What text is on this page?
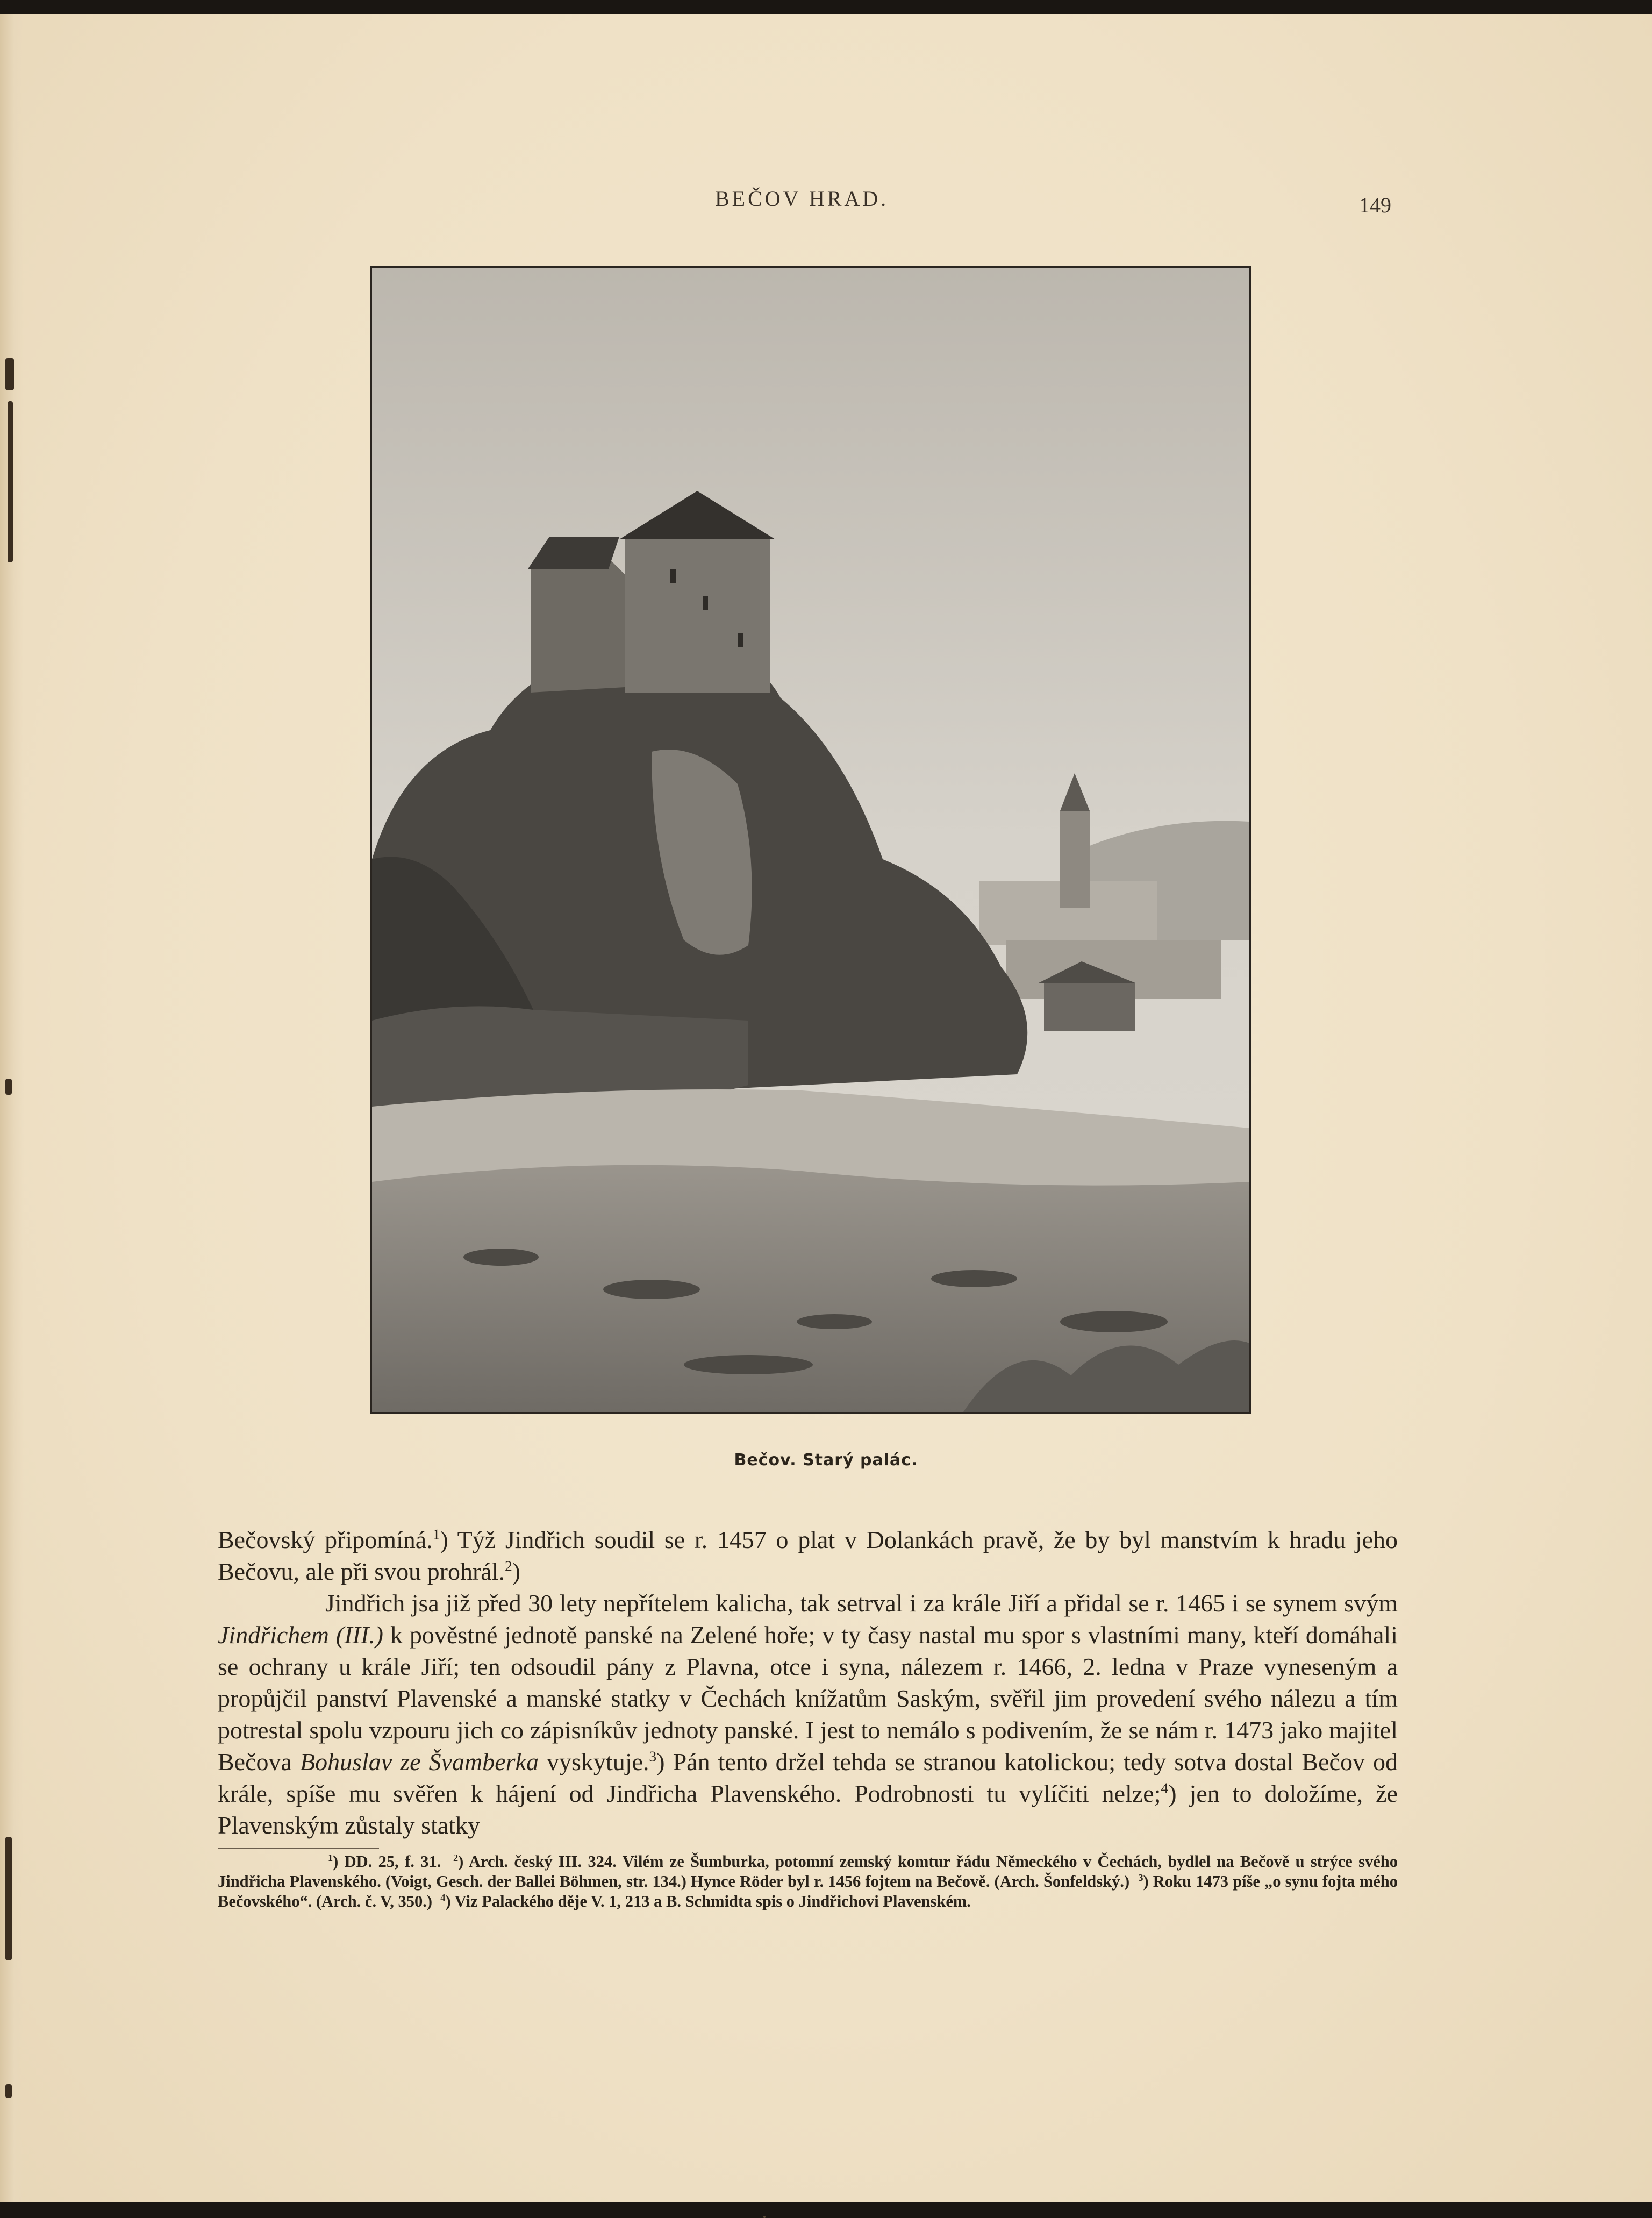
BEČOV HRAD.	149
Bečov. Starý palác.

Bečovský připomíná.$^1$) Týž Jindřich soudil se r. 1457 o plat v Dolankách pravě, že by byl manstvím k hradu jeho Bečovu, ale při svou prohrál.$^2$)

Jindřich jsa již před 30 lety nepřítelem kalicha, tak setrval i za krále Jiří a přidal se r. 1465 i se synem svým Jindřichem (III.) k pověstné jednotě panské na Zelené hoře; v ty časy nastal mu spor s vlastními many, kteří domáhali se ochrany u krále Jiří; ten odsoudil pány z Plavna, otce i syna, nálezem r. 1466, 2. ledna v Praze vyneseným a propůjčil panství Plavenské a manské statky v Čechách knížatům Saským, svěřil jim provedení svého nálezu a tím potrestal spolu vzpouru jich co zápisníkův jednoty panské. I jest to nemálo s podivením, že se nám r. 1473 jako majitel Bečova Bohuslav ze Švamberka vyskytuje.$^3$) Pán tento držel tehda se stranou katolickou; tedy sotva dostal Bečov od krále, spíše mu svěřen k hájení od Jindřicha Plavenského. Podrobnosti tu vylíčiti nelze;$^4$) jen to doložíme, že Plavenským zůstaly statky

$^1$) DD. 25, f. 31. $^2$) Arch. český III. 324. Vilém ze Šumburka, potomní zemský komtur řádu Německého v Čechách, bydlel na Bečově u strýce svého Jindřicha Plavenského. (Voigt, Gesch. der Ballei Böhmen, str. 134.) Hynce Röder byl r. 1456 fojtem na Bečově. (Arch. Šonfeldský.) $^3$) Roku 1473 píše „o synu fojta mého Bečovského“. (Arch. č. V, 350.) $^4$) Viz Palackého děje V. 1, 213 a B. Schmidta spis o Jindřichovi Plavenském.
